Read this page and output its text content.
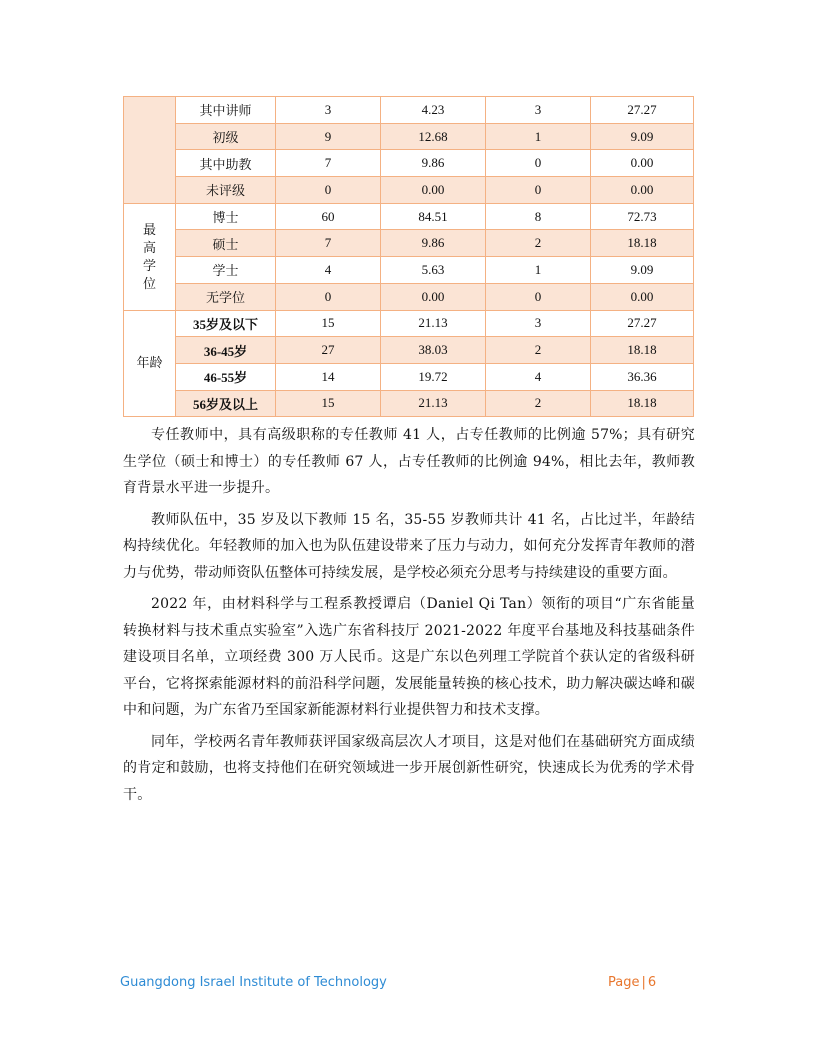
	其中讲师	3	4.23	3	27.27
	初级	9	12.68	1	9.09
	其中助教	7	9.86	0	0.00
	未评级	0	0.00	0	0.00
最高学位	博士	60	84.51	8	72.73
	硕士	7	9.86	2	18.18
	学士	4	5.63	1	9.09
	无学位	0	0.00	0	0.00
年龄	35岁及以下	15	21.13	3	27.27
	36-45岁	27	38.03	2	18.18
	46-55岁	14	19.72	4	36.36
	56岁及以上	15	21.13	2	18.18

专任教师中，具有高级职称的专任教师 41 人，占专任教师的比例逾 57%；具有研究生学位（硕士和博士）的专任教师 67 人，占专任教师的比例逾 94%，相比去年，教师教育背景水平进一步提升。

教师队伍中，35 岁及以下教师 15 名，35-55 岁教师共计 41 名，占比过半，年龄结构持续优化。年轻教师的加入也为队伍建设带来了压力与动力，如何充分发挥青年教师的潜力与优势，带动师资队伍整体可持续发展，是学校必须充分思考与持续建设的重要方面。

2022 年，由材料科学与工程系教授谭启（Daniel Qi Tan）领衔的项目“广东省能量转换材料与技术重点实验室”入选广东省科技厅 2021-2022 年度平台基地及科技基础条件建设项目名单，立项经费 300 万人民币。这是广东以色列理工学院首个获认定的省级科研平台，它将探索能源材料的前沿科学问题，发展能量转换的核心技术，助力解决碳达峰和碳中和问题，为广东省乃至国家新能源材料行业提供智力和技术支撑。

同年，学校两名青年教师获评国家级高层次人才项目，这是对他们在基础研究方面成绩的肯定和鼓励，也将支持他们在研究领域进一步开展创新性研究，快速成长为优秀的学术骨干。

Guangdong Israel Institute of Technology	Page | 6
